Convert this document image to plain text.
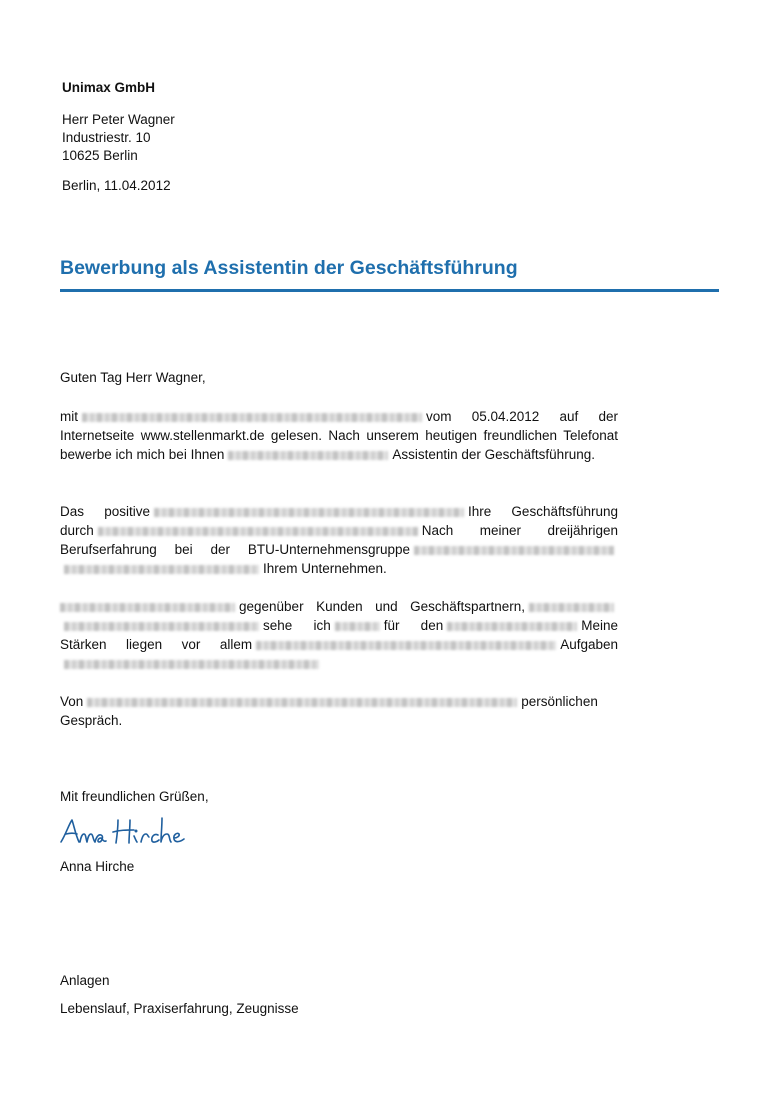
Unimax GmbH
Herr Peter Wagner
Industriestr. 10
10625 Berlin
Berlin, 11.04.2012
Bewerbung als Assistentin der Geschäftsführung
Guten Tag Herr Wagner,
mit	vom 05.04.2012 auf der Internetseite www.stellenmarkt.de gelesen. Nach unserem heutigen freundlichen Telefonat bewerbe ich mich bei Ihnen	Assistentin der Geschäftsführung.
Das positive	Ihre Geschäftsführung durch	Nach meiner dreijährigen Berufserfahrung bei der BTU-UnternehmensgruppeIhrem Unternehmen.
gegenüber Kunden und Geschäftspartnern,sehe ich	für den	Meine Stärken liegen vor allem	Aufgaben
Von	persönlichen Gespräch.
Mit freundlichen Grüßen,
Anna Hirche
Anlagen
Lebenslauf, Praxiserfahrung, Zeugnisse
